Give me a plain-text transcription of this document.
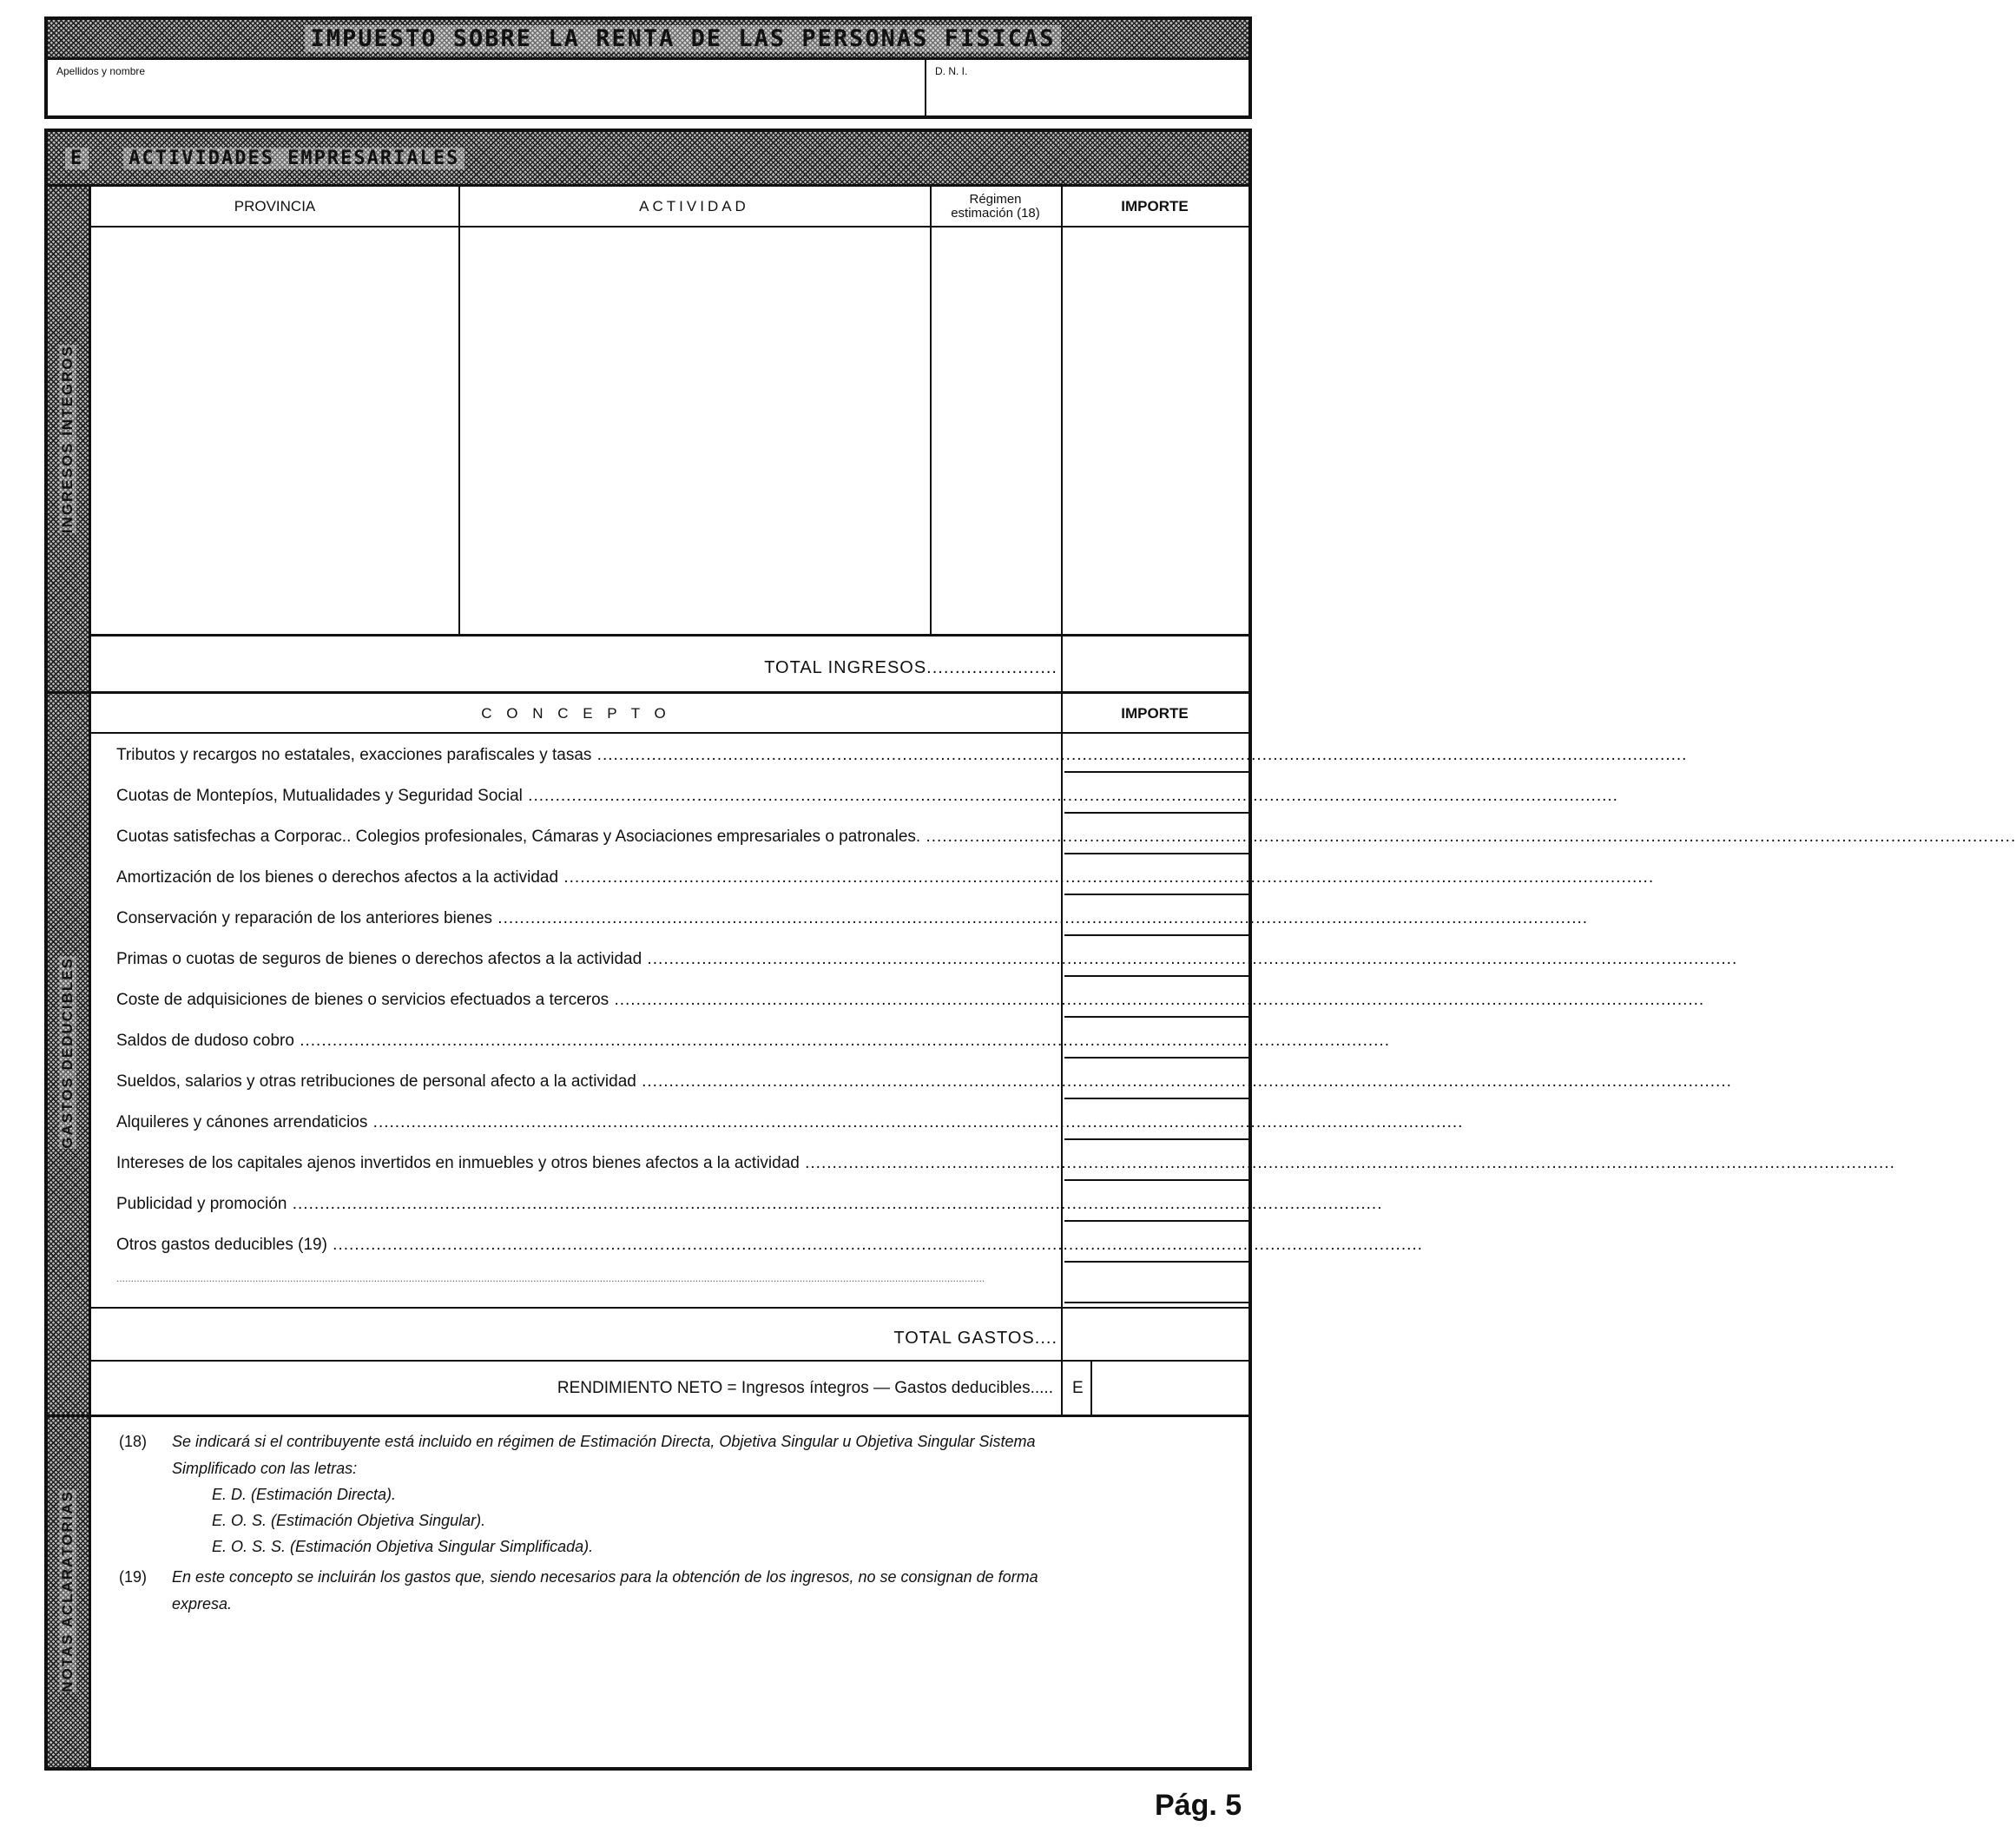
IMPUESTO SOBRE LA RENTA DE LAS PERSONAS FISICAS
Apellidos y nombre	D. N. I.
E ACTIVIDADES EMPRESARIALES
INGRESOS ÍNTEGROS
GASTOS DEDUCIBLES
NOTAS ACLARATORIAS
PROVINCIA	ACTIVIDAD	Régimen estimación (18)	IMPORTE
TOTAL INGRESOS.......................
C O N C E P T O	IMPORTE
Tributos y recargos no estatales, exacciones parafiscales y tasas ........................................................................................................................................................................................................
Cuotas de Montepíos, Mutualidades y Seguridad Social ........................................................................................................................................................................................................
Cuotas satisfechas a Corporac.. Colegios profesionales, Cámaras y Asociaciones empresariales o patronales. ........................................................................................................................................................................................................
Amortización de los bienes o derechos afectos a la actividad ........................................................................................................................................................................................................
Conservación y reparación de los anteriores bienes ........................................................................................................................................................................................................
Primas o cuotas de seguros de bienes o derechos afectos a la actividad ........................................................................................................................................................................................................
Coste de adquisiciones de bienes o servicios efectuados a terceros ........................................................................................................................................................................................................
Saldos de dudoso cobro ........................................................................................................................................................................................................
Sueldos, salarios y otras retribuciones de personal afecto a la actividad ........................................................................................................................................................................................................
Alquileres y cánones arrendaticios ........................................................................................................................................................................................................
Intereses de los capitales ajenos invertidos en inmuebles y otros bienes afectos a la actividad ........................................................................................................................................................................................................
Publicidad y promoción ........................................................................................................................................................................................................
Otros gastos deducibles (19) ........................................................................................................................................................................................................
............................................................................................................................................................................................................................................................................................................
TOTAL GASTOS....
RENDIMIENTO NETO = Ingresos íntegros — Gastos deducibles..... E
(18) Se indicará si el contribuyente está incluido en régimen de Estimación Directa, Objetiva Singular u Objetiva Singular Sistema
Simplificado con las letras:
E. D. (Estimación Directa).
E. O. S. (Estimación Objetiva Singular).
E. O. S. S. (Estimación Objetiva Singular Simplificada).
(19) En este concepto se incluirán los gastos que, siendo necesarios para la obtención de los ingresos, no se consignan de forma
expresa.
Pág. 5
